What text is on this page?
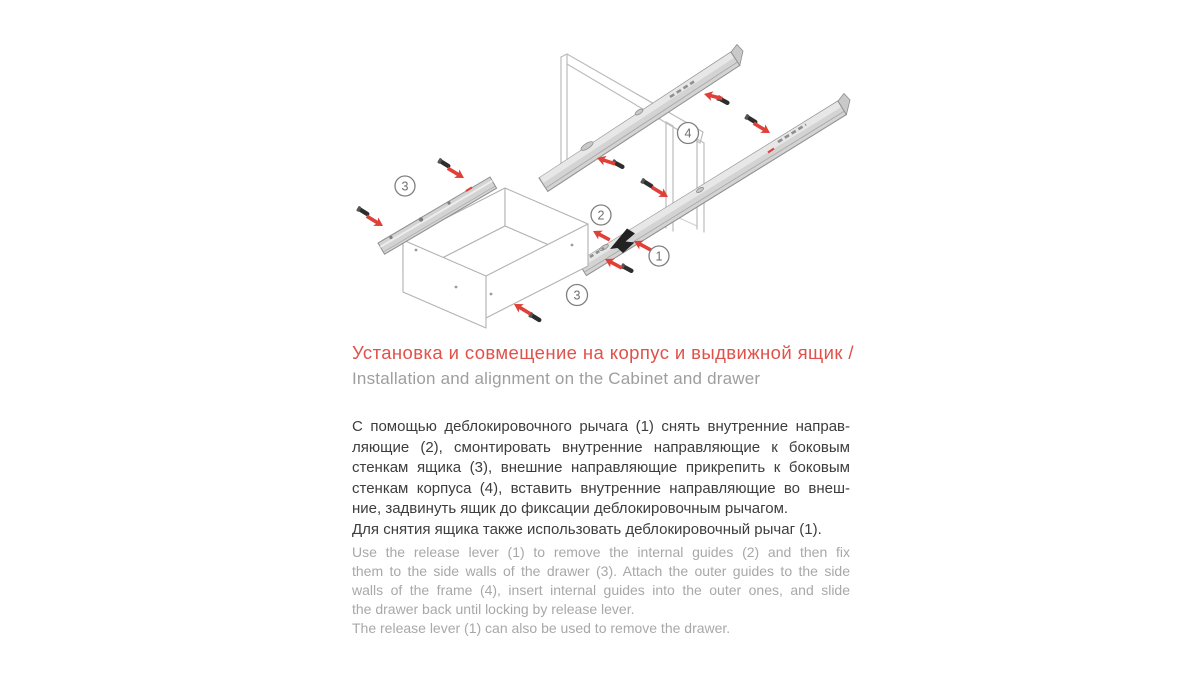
3
2
4
1
3
Установка и совмещение на корпус и выдвижной ящик /
Installation and alignment on the Cabinet and drawer
С помощью деблокировочного рычага (1) снять внутренние направ-
ляющие (2), смонтировать внутренние направляющие к боковым
стенкам ящика (3), внешние направляющие прикрепить к боковым
стенкам корпуса (4), вставить внутренние направляющие во внеш-
ние, задвинуть ящик до фиксации деблокировочным рычагом.
Для снятия ящика также использовать деблокировочный рычаг (1).
Use the release lever (1) to remove the internal guides (2) and then fix
them to the side walls of the drawer (3). Attach the outer guides to the side
walls of the frame (4), insert internal guides into the outer ones, and slide
the drawer back until locking by release lever.
The release lever (1) can also be used to remove the drawer.
